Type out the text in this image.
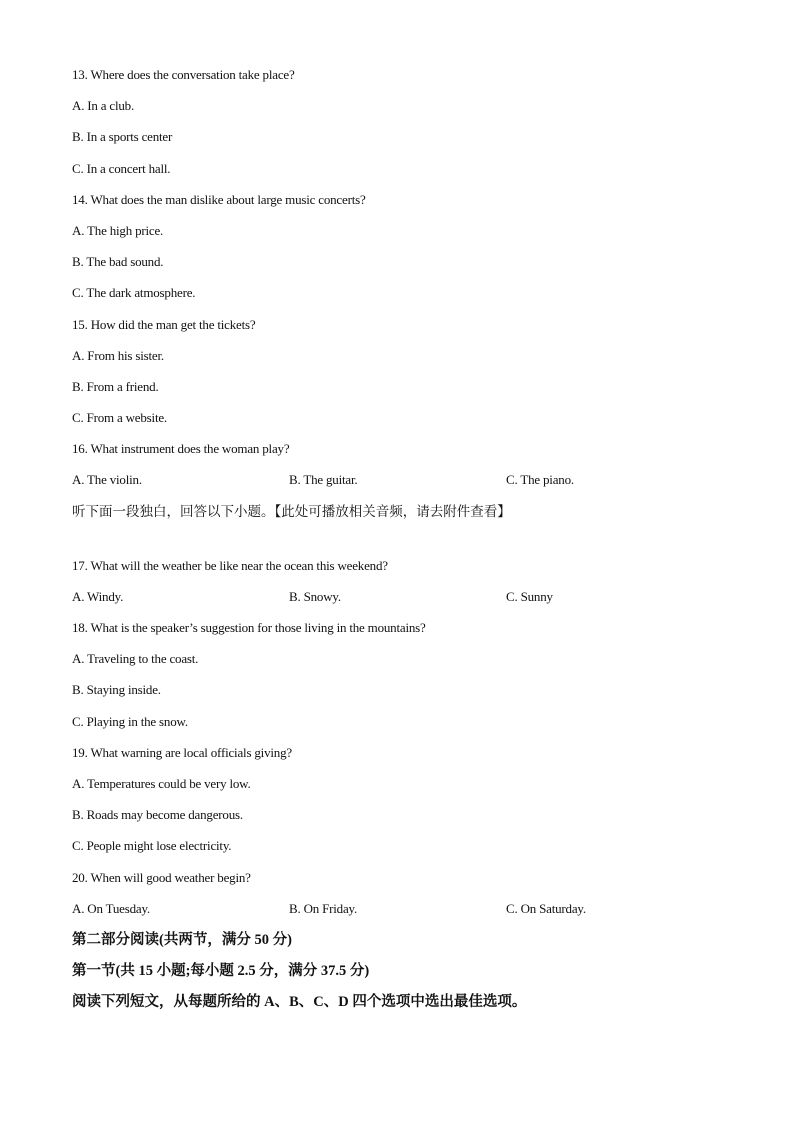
13. Where does the conversation take place?
A. In a club.
B. In a sports center
C. In a concert hall.
14. What does the man dislike about large music concerts?
A. The high price.
B. The bad sound.
C. The dark atmosphere.
15. How did the man get the tickets?
A. From his sister.
B. From a friend.
C. From a website.
16. What instrument does the woman play?
A. The violin.	B. The guitar.	C. The piano.
听下面一段独白，回答以下小题。【此处可播放相关音频，请去附件查看】
17. What will the weather be like near the ocean this weekend?
A. Windy.	B. Snowy.	C. Sunny
18. What is the speaker’s suggestion for those living in the mountains?
A. Traveling to the coast.
B. Staying inside.
C. Playing in the snow.
19. What warning are local officials giving?
A. Temperatures could be very low.
B. Roads may become dangerous.
C. People might lose electricity.
20. When will good weather begin?
A. On Tuesday.	B. On Friday.	C. On Saturday.
第二部分阅读(共两节，满分 50 分)
第一节(共 15 小题;每小题 2.5 分，满分 37.5 分)
阅读下列短文，从每题所给的 A、B、C、D 四个选项中选出最佳选项。
